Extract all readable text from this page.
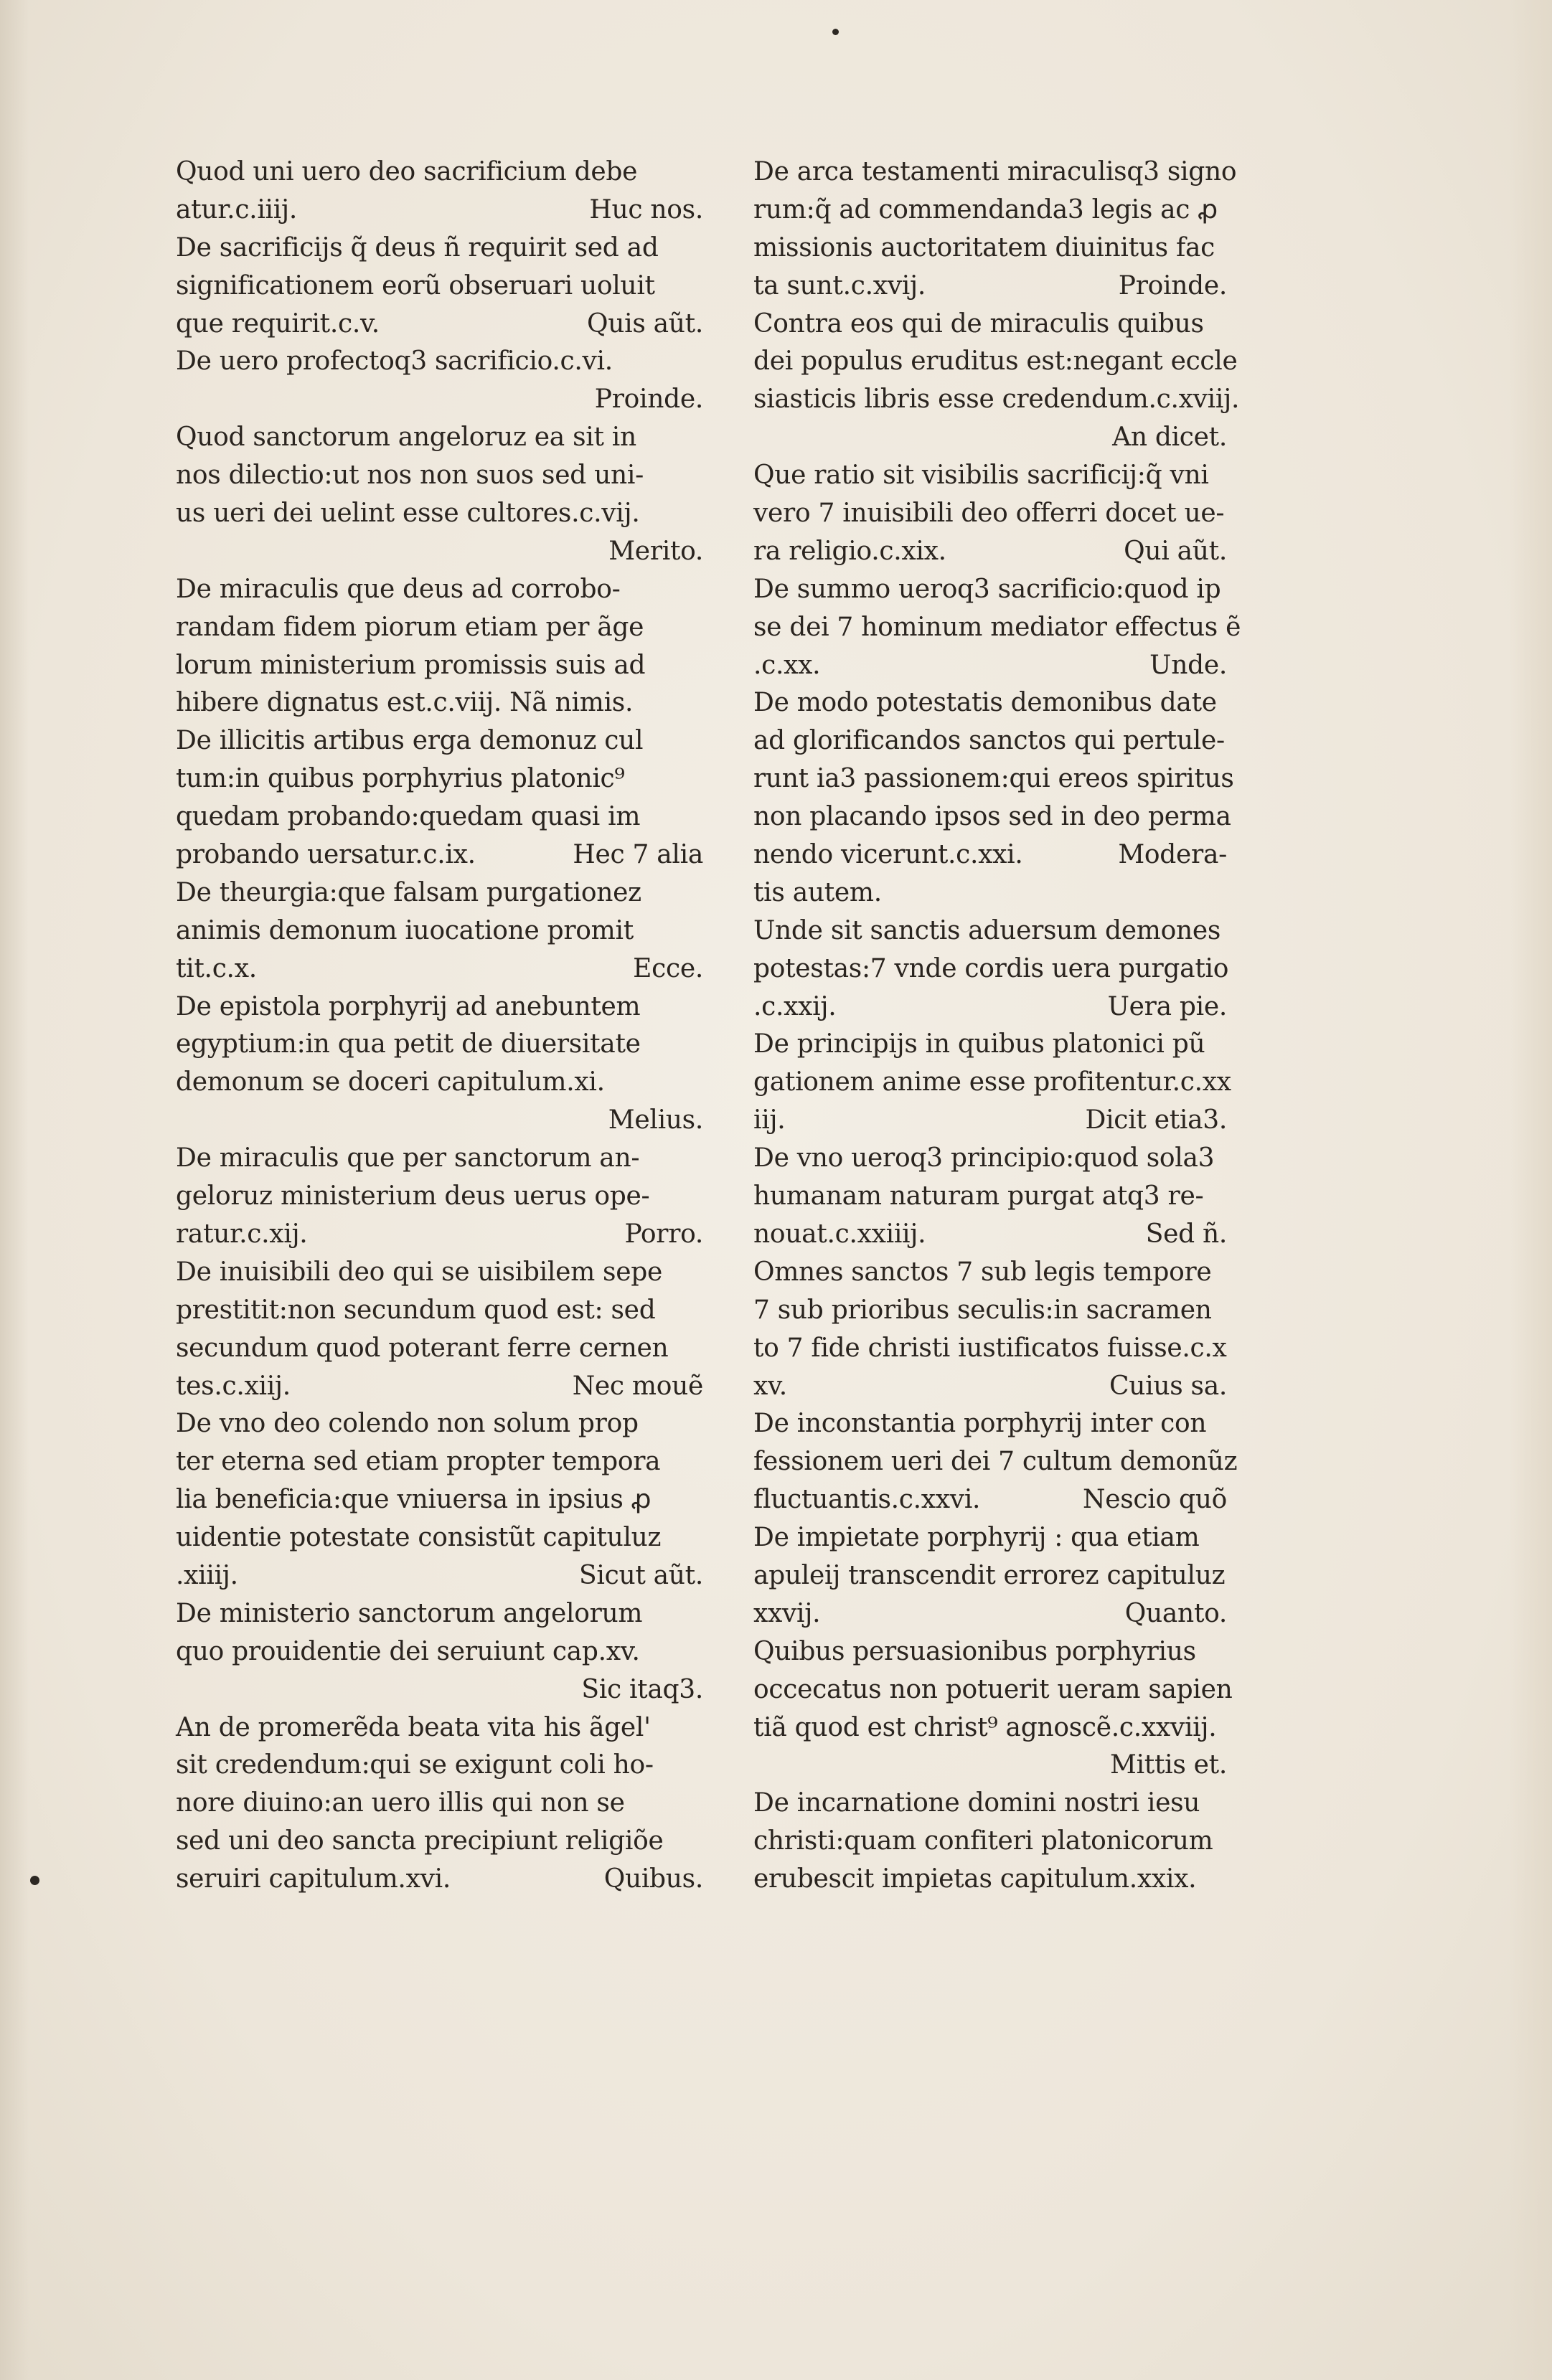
Quod uni uero deo sacrificium debe
atur.c.iiij.	Huc nos.
De sacrificijs q̃ deus ñ requirit sed ad
significationem eorũ obseruari uoluit
que requirit.c.v.	Quis aũt.
De uero profectoq3 sacrificio.c.vi.
Proinde.
Quod sanctorum angeloruz ea sit in
nos dilectio:ut nos non suos sed uni-
us ueri dei uelint esse cultores.c.vij.
Merito.
De miraculis que deus ad corrobo-
randam fidem piorum etiam per ãge
lorum ministerium promissis suis ad
hibere dignatus est.c.viij. Nã nimis.
De illicitis artibus erga demonuz cul
tum:in quibus porphyrius platonic⁹
quedam probando:quedam quasi im
probando uersatur.c.ix.	Hec 7 alia
De theurgia:que falsam purgationez
animis demonum iuocatione promit
tit.c.x.	Ecce.
De epistola porphyrij ad anebuntem
egyptium:in qua petit de diuersitate
demonum se doceri capitulum.xi.
Melius.
De miraculis que per sanctorum an-
geloruz ministerium deus uerus ope-
ratur.c.xij.	Porro.
De inuisibili deo qui se uisibilem sepe
prestitit:non secundum quod est: sed
secundum quod poterant ferre cernen
tes.c.xiij.	Nec mouẽ
De vno deo colendo non solum prop
ter eterna sed etiam propter tempora
lia beneficia:que vniuersa in ipsius ꝓ
uidentie potestate consistũt capituluz
.xiiij.	Sicut aũt.
De ministerio sanctorum angelorum
quo prouidentie dei seruiunt cap.xv.
Sic itaq3.
An de promerẽda beata vita his ãgel'
sit credendum:qui se exigunt coli ho-
nore diuino:an uero illis qui non se
sed uni deo sancta precipiunt religiõe
seruiri capitulum.xvi.	Quibus.
De arca testamenti miraculisq3 signo
rum:q̃ ad commendanda3 legis ac ꝓ
missionis auctoritatem diuinitus fac
ta sunt.c.xvij.	Proinde.
Contra eos qui de miraculis quibus
dei populus eruditus est:negant eccle
siasticis libris esse credendum.c.xviij.
An dicet.
Que ratio sit visibilis sacrificij:q̃ vni
vero 7 inuisibili deo offerri docet ue-
ra religio.c.xix.	Qui aũt.
De summo ueroq3 sacrificio:quod ip
se dei 7 hominum mediator effectus ẽ
.c.xx.	Unde.
De modo potestatis demonibus date
ad glorificandos sanctos qui pertule-
runt ia3 passionem:qui ereos spiritus
non placando ipsos sed in deo perma
nendo vicerunt.c.xxi.	Modera-
tis autem.
Unde sit sanctis aduersum demones
potestas:7 vnde cordis uera purgatio
.c.xxij.	Uera pie.
De principijs in quibus platonici pũ
gationem anime esse profitentur.c.xx
iij.	Dicit etia3.
De vno ueroq3 principio:quod sola3
humanam naturam purgat atq3 re-
nouat.c.xxiiij.	Sed ñ.
Omnes sanctos 7 sub legis tempore
7 sub prioribus seculis:in sacramen
to 7 fide christi iustificatos fuisse.c.x
xv.	Cuius sa.
De inconstantia porphyrij inter con
fessionem ueri dei 7 cultum demonũz
fluctuantis.c.xxvi.	Nescio quõ
De impietate porphyrij : qua etiam
apuleij transcendit errorez capituluz
xxvij.	Quanto.
Quibus persuasionibus porphyrius
occecatus non potuerit ueram sapien
tiã quod est christ⁹ agnoscẽ.c.xxviij.
Mittis et.
De incarnatione domini nostri iesu
christi:quam confiteri platonicorum
erubescit impietas capitulum.xxix.
